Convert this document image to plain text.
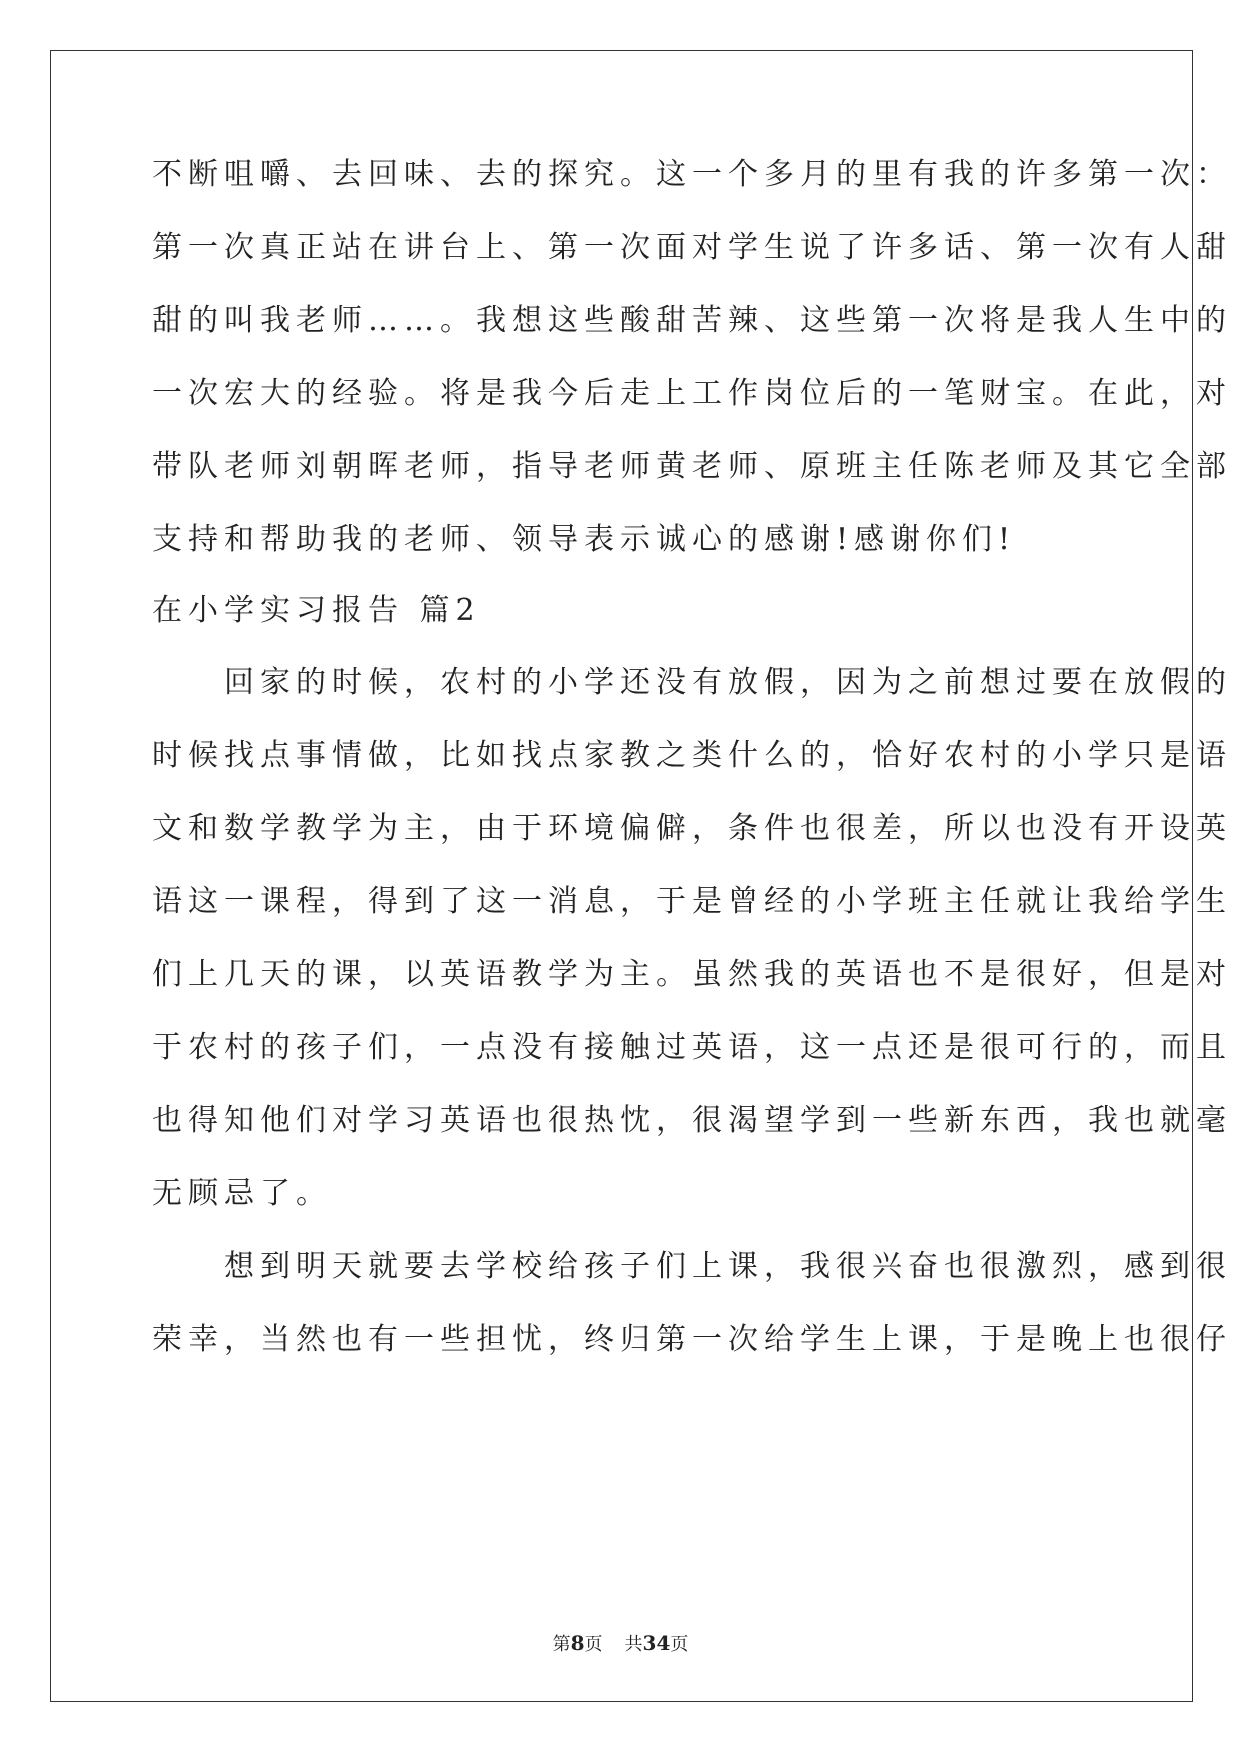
不断咀嚼、去回味、去的探究。这一个多月的里有我的许多第一次：
第一次真正站在讲台上、第一次面对学生说了许多话、第一次有人甜
甜的叫我老师……。我想这些酸甜苦辣、这些第一次将是我人生中的
一次宏大的经验。将是我今后走上工作岗位后的一笔财宝。在此，对
带队老师刘朝晖老师，指导老师黄老师、原班主任陈老师及其它全部
支持和帮助我的老师、领导表示诚心的感谢!感谢你们!
在小学实习报告 篇2
　　回家的时候，农村的小学还没有放假，因为之前想过要在放假的
时候找点事情做，比如找点家教之类什么的，恰好农村的小学只是语
文和数学教学为主，由于环境偏僻，条件也很差，所以也没有开设英
语这一课程，得到了这一消息，于是曾经的小学班主任就让我给学生
们上几天的课，以英语教学为主。虽然我的英语也不是很好，但是对
于农村的孩子们，一点没有接触过英语，这一点还是很可行的，而且
也得知他们对学习英语也很热忱，很渴望学到一些新东西，我也就毫
无顾忌了。
　　想到明天就要去学校给孩子们上课，我很兴奋也很激烈，感到很
荣幸，当然也有一些担忧，终归第一次给学生上课，于是晚上也很仔
第8页 共34页
